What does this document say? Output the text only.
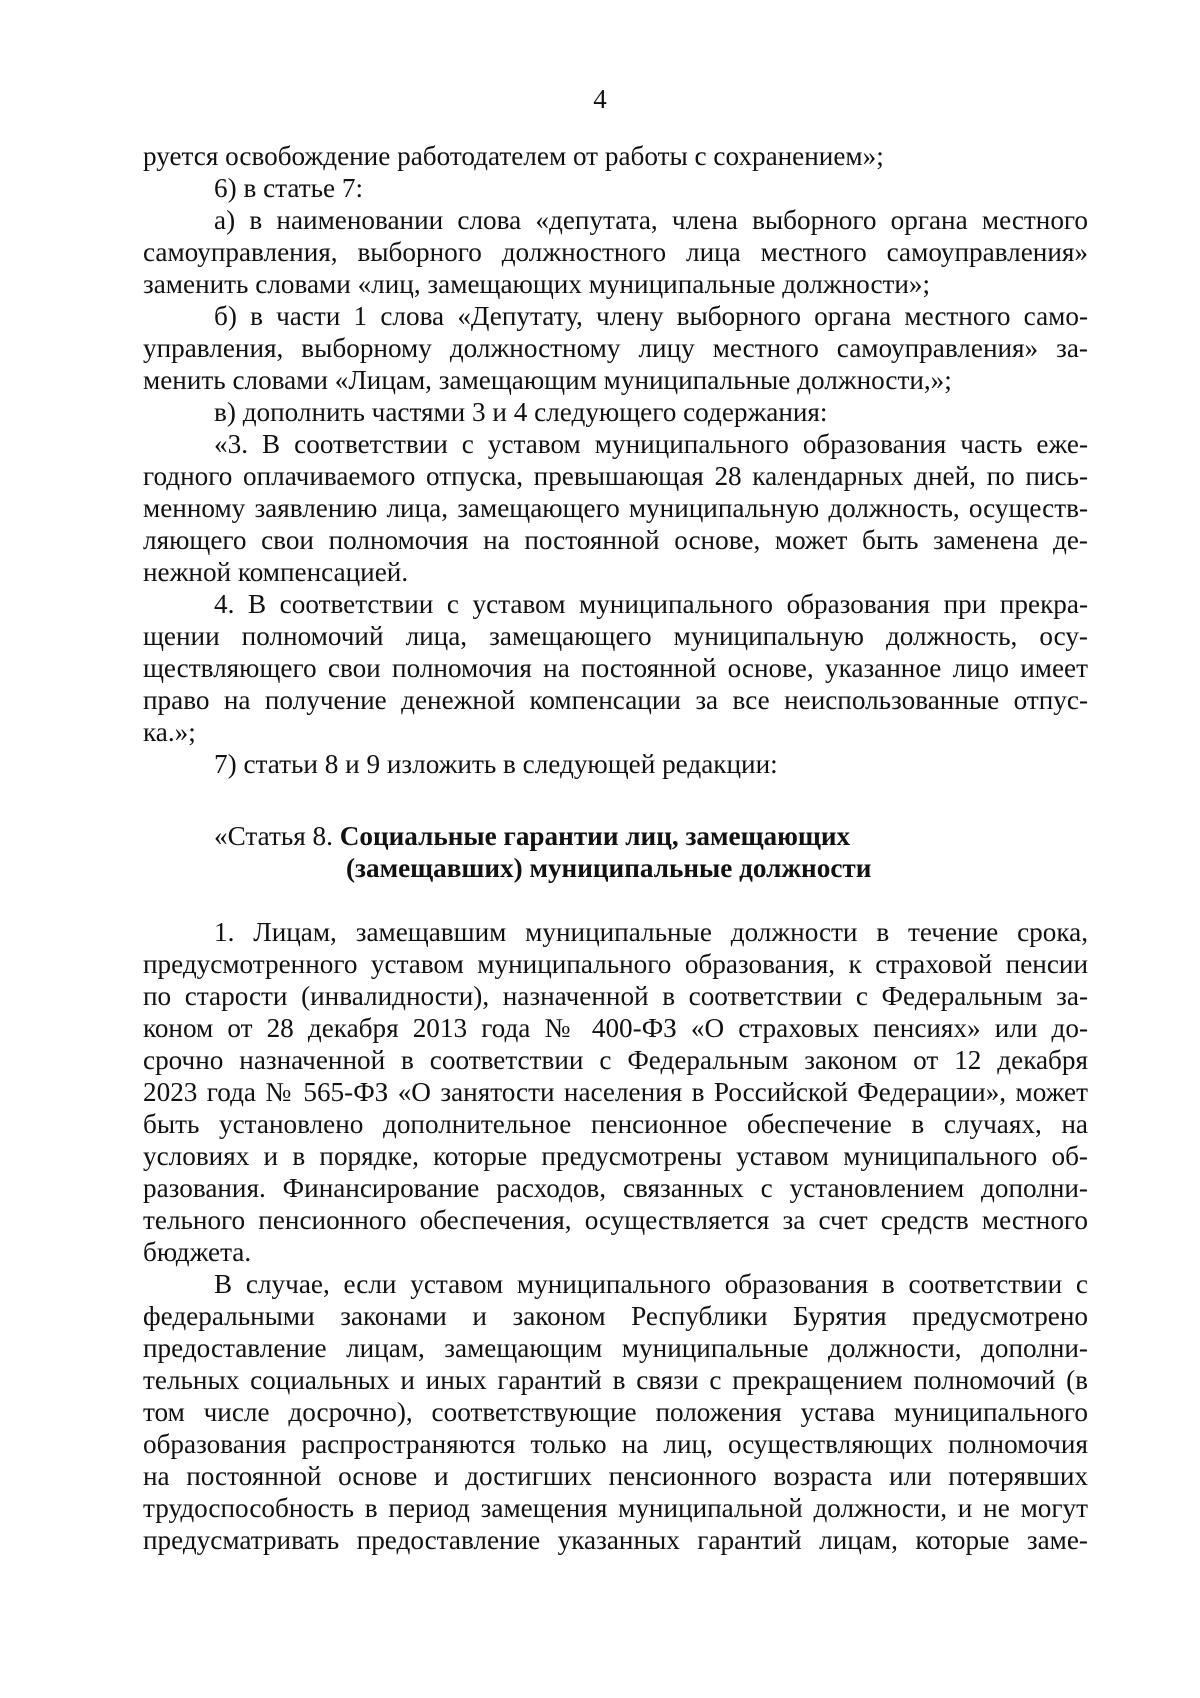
4
руется освобождение работодателем от работы с сохранением»;
6) в статье 7:
а) в наименовании слова «депутата, члена выборного органа местного
самоуправления, выборного должностного лица местного самоуправления»
заменить словами «лиц, замещающих муниципальные должности»;
б) в части 1 слова «Депутату, члену выборного органа местного само-
управления, выборному должностному лицу местного самоуправления» за-
менить словами «Лицам, замещающим муниципальные должности,»;
в) дополнить частями 3 и 4 следующего содержания:
«3. В соответствии с уставом муниципального образования часть еже-
годного оплачиваемого отпуска, превышающая 28 календарных дней, по пись-
менному заявлению лица, замещающего муниципальную должность, осуществ-
ляющего свои полномочия на постоянной основе, может быть заменена де-
нежной компенсацией.
4. В соответствии с уставом муниципального образования при прекра-
щении полномочий лица, замещающего муниципальную должность, осу-
ществляющего свои полномочия на постоянной основе, указанное лицо имеет
право на получение денежной компенсации за все неиспользованные отпус-
ка.»;
7) статьи 8 и 9 изложить в следующей редакции:
«Статья 8. Социальные гарантии лиц, замещающих
(замещавших) муниципальные должности
1. Лицам, замещавшим муниципальные должности в течение срока,
предусмотренного уставом муниципального образования, к страховой пенсии
по старости (инвалидности), назначенной в соответствии с Федеральным за-
коном от 28 декабря 2013 года № 400-ФЗ «О страховых пенсиях» или до-
срочно назначенной в соответствии с Федеральным законом от 12 декабря
2023 года № 565-ФЗ «О занятости населения в Российской Федерации», может
быть установлено дополнительное пенсионное обеспечение в случаях, на
условиях и в порядке, которые предусмотрены уставом муниципального об-
разования. Финансирование расходов, связанных с установлением дополни-
тельного пенсионного обеспечения, осуществляется за счет средств местного
бюджета.
В случае, если уставом муниципального образования в соответствии с
федеральными законами и законом Республики Бурятия предусмотрено
предоставление лицам, замещающим муниципальные должности, дополни-
тельных социальных и иных гарантий в связи с прекращением полномочий (в
том числе досрочно), соответствующие положения устава муниципального
образования распространяются только на лиц, осуществляющих полномочия
на постоянной основе и достигших пенсионного возраста или потерявших
трудоспособность в период замещения муниципальной должности, и не могут
предусматривать предоставление указанных гарантий лицам, которые заме-
